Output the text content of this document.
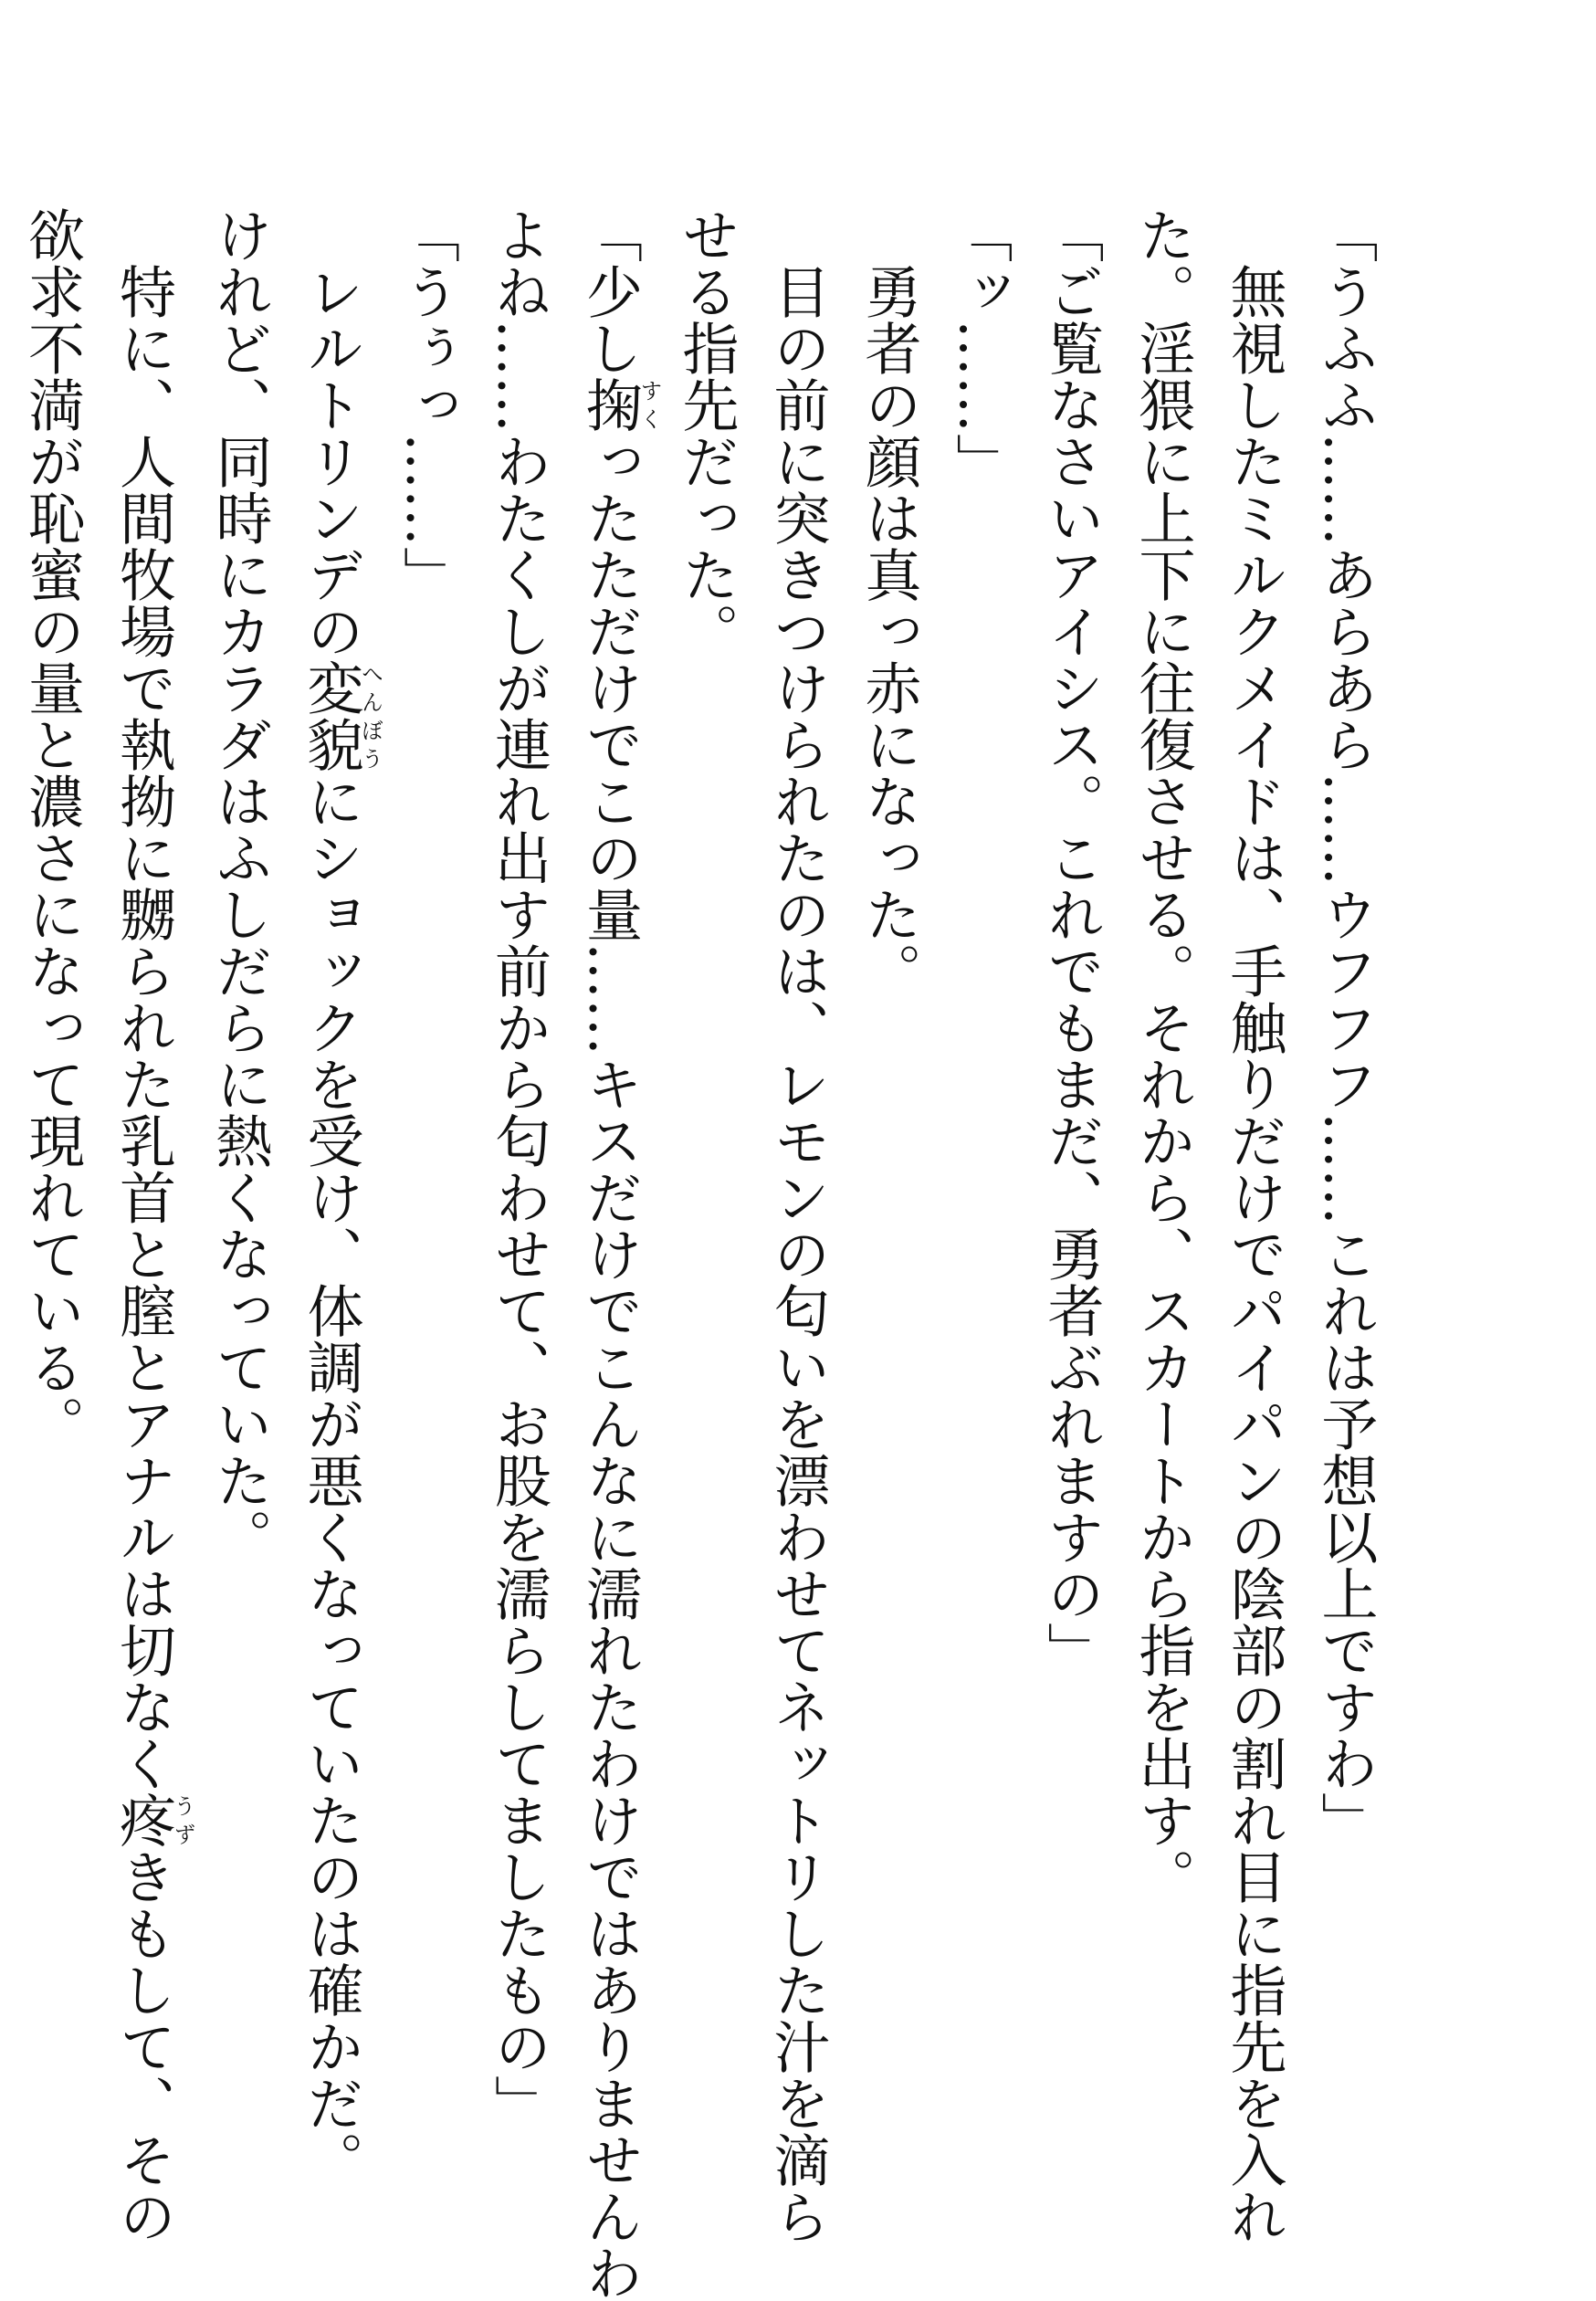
「うふふ……あらあら……ウフフフ……これは予想以上ですわ」

無視したミルクメイドは、手触りだけでパイパンの陰部の割れ目に指先を入れ

た。淫猥に上下に往復させる。それから、スカートから指を出す。

「ご覧なさいアイシス。これでもまだ、勇者ぶれますの」

「ッ……」

勇者の顔は真っ赤になった。

目の前に突きつけられたのは、レモンの匂いを漂わせてネットリした汁を滴ら

せる指先だった。

「少し掬すくったただけでこの量……キスだけでこんなに濡れたわけではありませんわ

よね……わたくしが連れ出す前から匂わせて、お股を濡らしてましたもの」

「うぅっ……」

レルトリンデの変貌へんぼうにショックを受け、体調が悪くなっていたのは確かだ。

けれど、同時にカラダはふしだらに熱くなっていた。

特に、人間牧場で執拗に嬲られた乳首と膣とアナルは切なく疼うずきもして、その

欲求不満が恥蜜の量と濃さになって現れている。
